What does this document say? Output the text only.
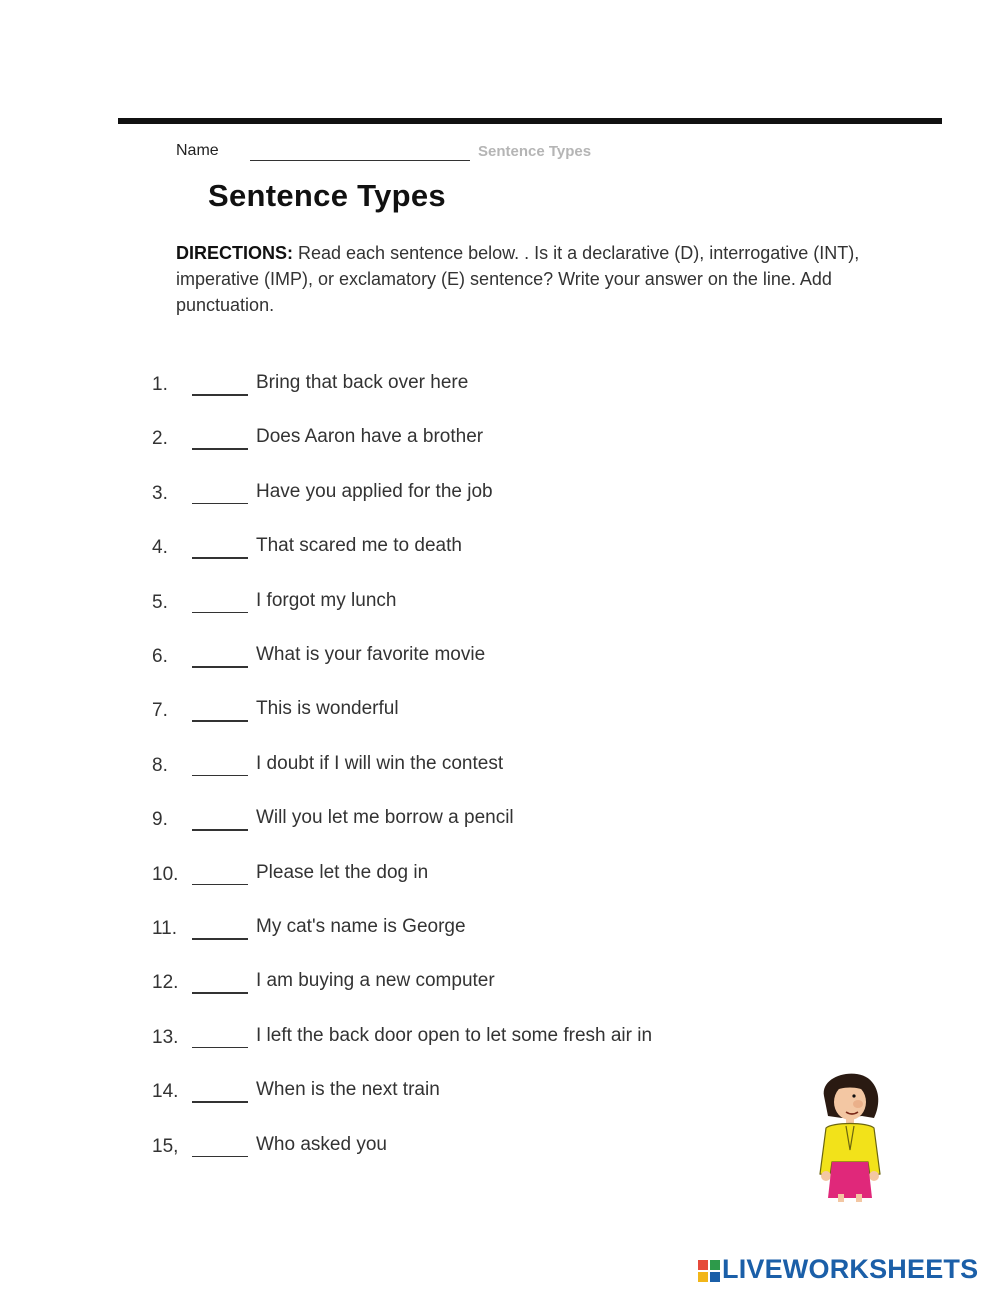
Name	Sentence Types
Sentence Types
DIRECTIONS: Read each sentence below. . Is it a declarative (D), interrogative (INT), imperative (IMP), or exclamatory (E) sentence? Write your answer on the line. Add punctuation.
1.	Bring that back over here
2.	Does Aaron have a brother
3.	Have you applied for the job
4.	That scared me to death
5.	I forgot my lunch
6.	What is your favorite movie
7.	This is wonderful
8.	I doubt if I will win the contest
9.	Will you let me borrow a pencil
10.	Please let the dog in
11.	My cat's name is George
12.	I am buying a new computer
13.	I left the back door open to let some fresh air in
14.	When is the next train
15,	Who asked you
LIVEWORKSHEETS
